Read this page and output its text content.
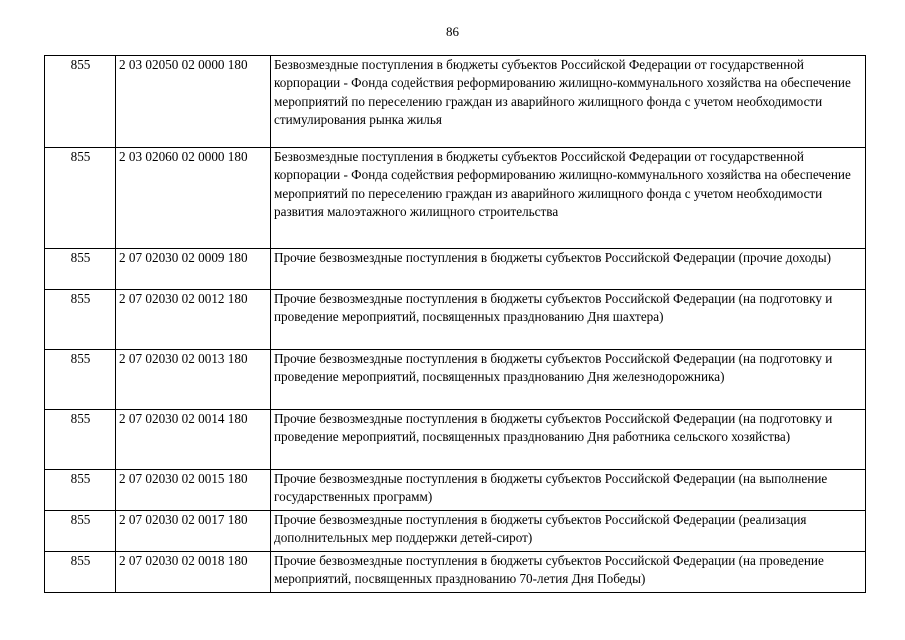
86
855	2 03 02050 02 0000 180	Безвозмездные поступления в бюджеты субъектов Российской Федерации от государственной корпорации - Фонда содействия реформированию жилищно-коммунального хозяйства на обеспечение мероприятий по переселению граждан из аварийного жилищного фонда с учетом необходимости стимулирования рынка жилья
855	2 03 02060 02 0000 180	Безвозмездные поступления в бюджеты субъектов Российской Федерации от государственной корпорации - Фонда содействия реформированию жилищно-коммунального хозяйства на обеспечение мероприятий по переселению граждан из аварийного жилищного фонда с учетом необходимости развития малоэтажного жилищного строительства
855	2 07 02030 02 0009 180	Прочие безвозмездные поступления в бюджеты субъектов Российской Федерации (прочие доходы)
855	2 07 02030 02 0012 180	Прочие безвозмездные поступления в бюджеты субъектов Российской Федерации (на подготовку и проведение мероприятий, посвященных празднованию Дня шахтера)
855	2 07 02030 02 0013 180	Прочие безвозмездные поступления в бюджеты субъектов Российской Федерации (на подготовку и проведение мероприятий, посвященных празднованию Дня железнодорожника)
855	2 07 02030 02 0014 180	Прочие безвозмездные поступления в бюджеты субъектов Российской Федерации (на подготовку и проведение мероприятий, посвященных празднованию Дня работника сельского хозяйства)
855	2 07 02030 02 0015 180	Прочие безвозмездные поступления в бюджеты субъектов Российской Федерации (на выполнение государственных программ)
855	2 07 02030 02 0017 180	Прочие безвозмездные поступления в бюджеты субъектов Российской Федерации (реализация дополнительных мер поддержки детей-сирот)
855	2 07 02030 02 0018 180	Прочие безвозмездные поступления в бюджеты субъектов Российской Федерации (на проведение мероприятий, посвященных празднованию 70-летия Дня Победы)
